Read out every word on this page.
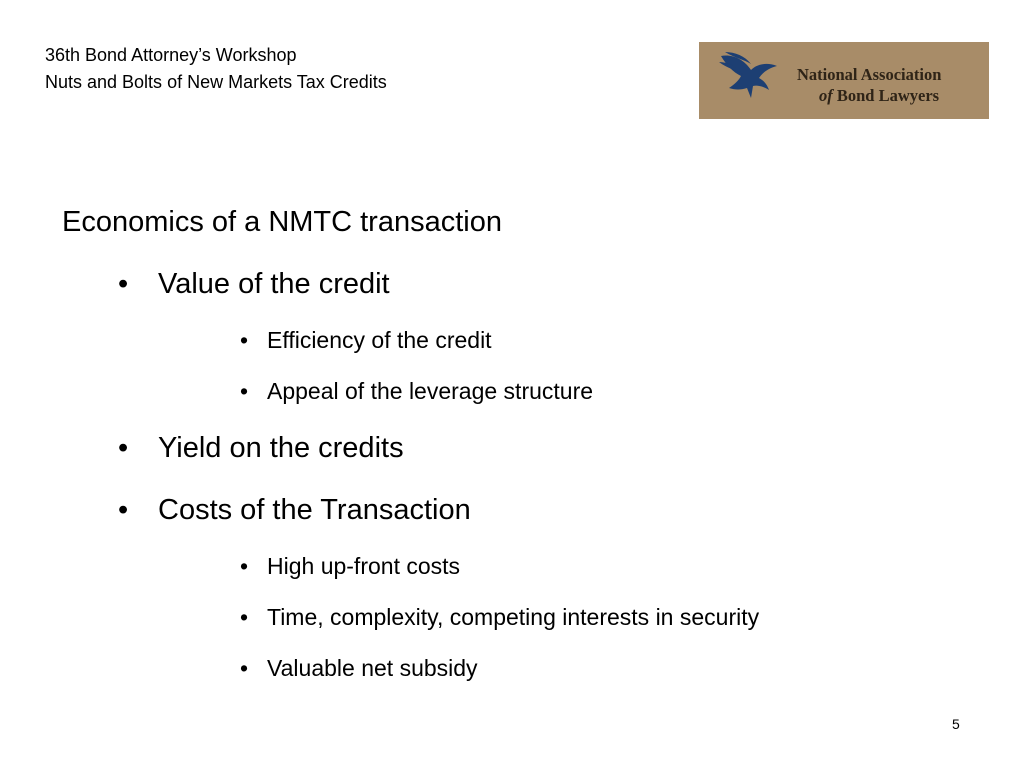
36th Bond Attorney’s Workshop
Nuts and Bolts of New Markets Tax Credits	National Association
of Bond Lawyers
Economics of a NMTC transaction
• Value of the credit
• Efficiency of the credit
• Appeal of the leverage structure
• Yield on the credits
• Costs of the Transaction
• High up-front costs
• Time, complexity, competing interests in security
• Valuable net subsidy
5
